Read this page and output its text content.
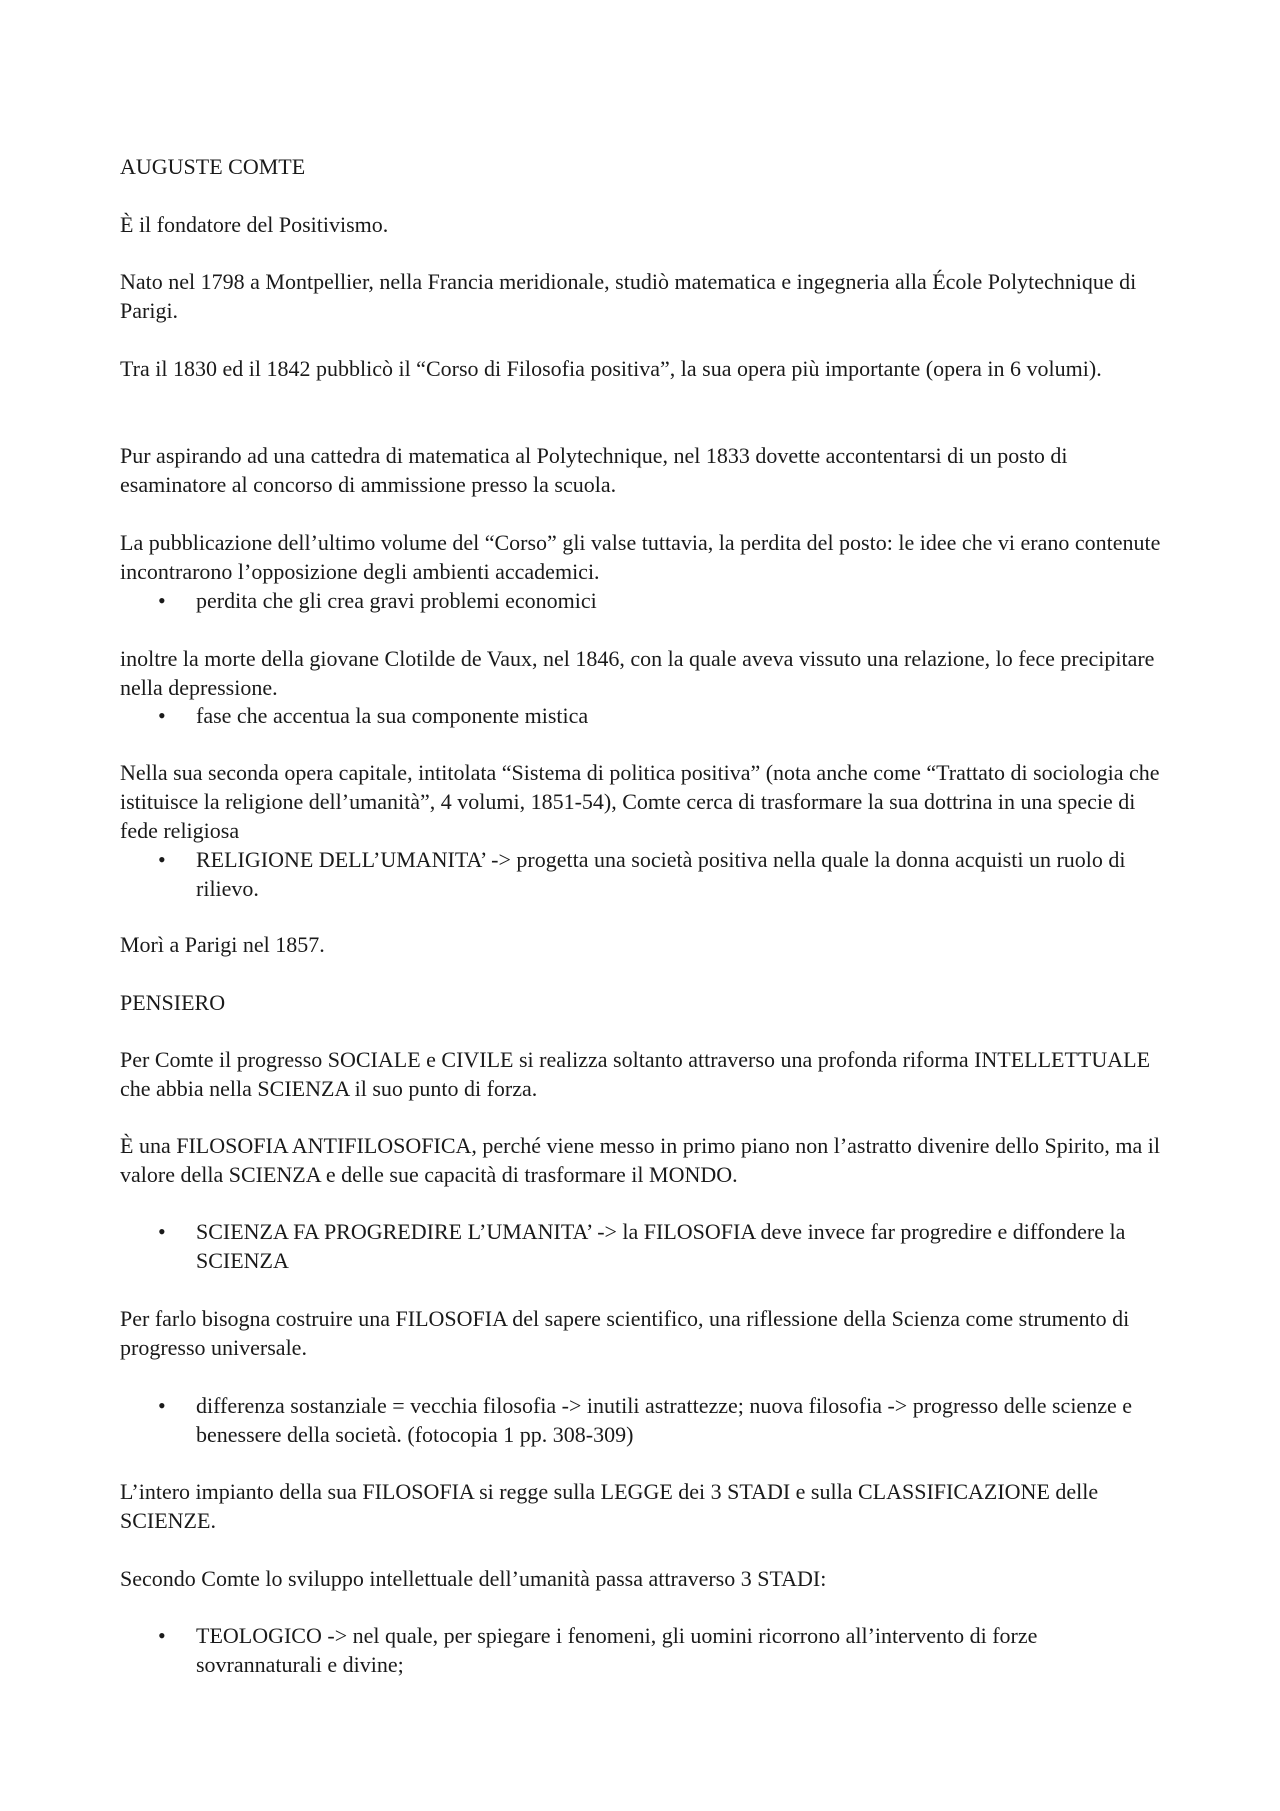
AUGUSTE COMTE

È il fondatore del Positivismo.

Nato nel 1798 a Montpellier, nella Francia meridionale, studiò matematica e ingegneria alla École Polytechnique di Parigi.

Tra il 1830 ed il 1842 pubblicò il “Corso di Filosofia positiva”, la sua opera più importante (opera in 6 volumi).

Pur aspirando ad una cattedra di matematica al Polytechnique, nel 1833 dovette accontentarsi di un posto di esaminatore al concorso di ammissione presso la scuola.

La pubblicazione dell’ultimo volume del “Corso” gli valse tuttavia, la perdita del posto: le idee che vi erano contenute incontrarono l’opposizione degli ambienti accademici.

•	perdita che gli crea gravi problemi economici

inoltre la morte della giovane Clotilde de Vaux, nel 1846, con la quale aveva vissuto una relazione, lo fece precipitare nella depressione.

•	fase che accentua la sua componente mistica

Nella sua seconda opera capitale, intitolata “Sistema di politica positiva” (nota anche come “Trattato di sociologia che istituisce la religione dell’umanità”, 4 volumi, 1851-54), Comte cerca di trasformare la sua dottrina in una specie di fede religiosa

•	RELIGIONE DELL’UMANITA’ -> progetta una società positiva nella quale la donna acquisti un ruolo di rilievo.

Morì a Parigi nel 1857.

PENSIERO

Per Comte il progresso SOCIALE e CIVILE si realizza soltanto attraverso una profonda riforma INTELLETTUALE che abbia nella SCIENZA il suo punto di forza.

È una FILOSOFIA ANTIFILOSOFICA, perché viene messo in primo piano non l’astratto divenire dello Spirito, ma il valore della SCIENZA e delle sue capacità di trasformare il MONDO.

•	SCIENZA FA PROGREDIRE L’UMANITA’ -> la FILOSOFIA deve invece far progredire e diffondere la SCIENZA

Per farlo bisogna costruire una FILOSOFIA del sapere scientifico, una riflessione della Scienza come strumento di progresso universale.

•	differenza sostanziale = vecchia filosofia -> inutili astrattezze; nuova filosofia -> progresso delle scienze e benessere della società. (fotocopia 1 pp. 308-309)

L’intero impianto della sua FILOSOFIA si regge sulla LEGGE dei 3 STADI e sulla CLASSIFICAZIONE delle SCIENZE.

Secondo Comte lo sviluppo intellettuale dell’umanità passa attraverso 3 STADI:

•	TEOLOGICO -> nel quale, per spiegare i fenomeni, gli uomini ricorrono all’intervento di forze sovrannaturali e divine;
